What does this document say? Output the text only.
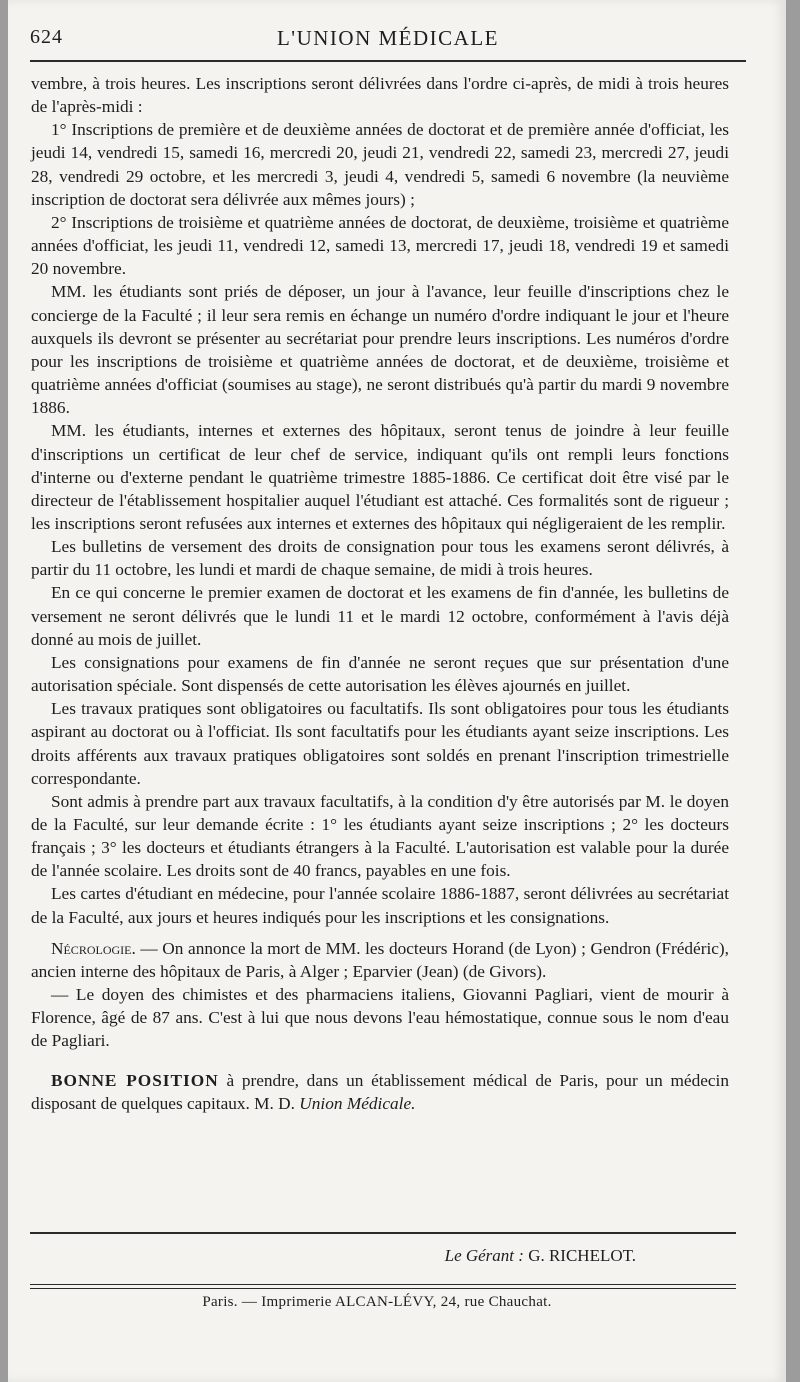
624	L'UNION MÉDICALE

vembre, à trois heures. Les inscriptions seront délivrées dans l'ordre ci-après, de midi à trois heures de l'après-midi :

1° Inscriptions de première et de deuxième années de doctorat et de première année d'officiat, les jeudi 14, vendredi 15, samedi 16, mercredi 20, jeudi 21, vendredi 22, samedi 23, mercredi 27, jeudi 28, vendredi 29 octobre, et les mercredi 3, jeudi 4, vendredi 5, samedi 6 novembre (la neuvième inscription de doctorat sera délivrée aux mêmes jours) ;

2° Inscriptions de troisième et quatrième années de doctorat, de deuxième, troisième et quatrième années d'officiat, les jeudi 11, vendredi 12, samedi 13, mercredi 17, jeudi 18, vendredi 19 et samedi 20 novembre.

MM. les étudiants sont priés de déposer, un jour à l'avance, leur feuille d'inscriptions chez le concierge de la Faculté ; il leur sera remis en échange un numéro d'ordre indiquant le jour et l'heure auxquels ils devront se présenter au secrétariat pour prendre leurs inscriptions. Les numéros d'ordre pour les inscriptions de troisième et quatrième années de doctorat, et de deuxième, troisième et quatrième années d'officiat (soumises au stage), ne seront distribués qu'à partir du mardi 9 novembre 1886.

MM. les étudiants, internes et externes des hôpitaux, seront tenus de joindre à leur feuille d'inscriptions un certificat de leur chef de service, indiquant qu'ils ont rempli leurs fonctions d'interne ou d'externe pendant le quatrième trimestre 1885-1886. Ce certificat doit être visé par le directeur de l'établissement hospitalier auquel l'étudiant est attaché. Ces formalités sont de rigueur ; les inscriptions seront refusées aux internes et externes des hôpitaux qui négligeraient de les remplir.

Les bulletins de versement des droits de consignation pour tous les examens seront délivrés, à partir du 11 octobre, les lundi et mardi de chaque semaine, de midi à trois heures.

En ce qui concerne le premier examen de doctorat et les examens de fin d'année, les bulletins de versement ne seront délivrés que le lundi 11 et le mardi 12 octobre, conformément à l'avis déjà donné au mois de juillet.

Les consignations pour examens de fin d'année ne seront reçues que sur présentation d'une autorisation spéciale. Sont dispensés de cette autorisation les élèves ajournés en juillet.

Les travaux pratiques sont obligatoires ou facultatifs. Ils sont obligatoires pour tous les étudiants aspirant au doctorat ou à l'officiat. Ils sont facultatifs pour les étudiants ayant seize inscriptions. Les droits afférents aux travaux pratiques obligatoires sont soldés en prenant l'inscription trimestrielle correspondante.

Sont admis à prendre part aux travaux facultatifs, à la condition d'y être autorisés par M. le doyen de la Faculté, sur leur demande écrite : 1° les étudiants ayant seize inscriptions ; 2° les docteurs français ; 3° les docteurs et étudiants étrangers à la Faculté. L'autorisation est valable pour la durée de l'année scolaire. Les droits sont de 40 francs, payables en une fois.

Les cartes d'étudiant en médecine, pour l'année scolaire 1886-1887, seront délivrées au secrétariat de la Faculté, aux jours et heures indiqués pour les inscriptions et les consignations.

Nécrologie. — On annonce la mort de MM. les docteurs Horand (de Lyon) ; Gendron (Frédéric), ancien interne des hôpitaux de Paris, à Alger ; Eparvier (Jean) (de Givors).

— Le doyen des chimistes et des pharmaciens italiens, Giovanni Pagliari, vient de mourir à Florence, âgé de 87 ans. C'est à lui que nous devons l'eau hémostatique, connue sous le nom d'eau de Pagliari.

BONNE POSITION à prendre, dans un établissement médical de Paris, pour un médecin disposant de quelques capitaux. M. D. Union Médicale.

Le Gérant : G. RICHELOT.
Paris. — Imprimerie ALCAN-LÉVY, 24, rue Chauchat.
